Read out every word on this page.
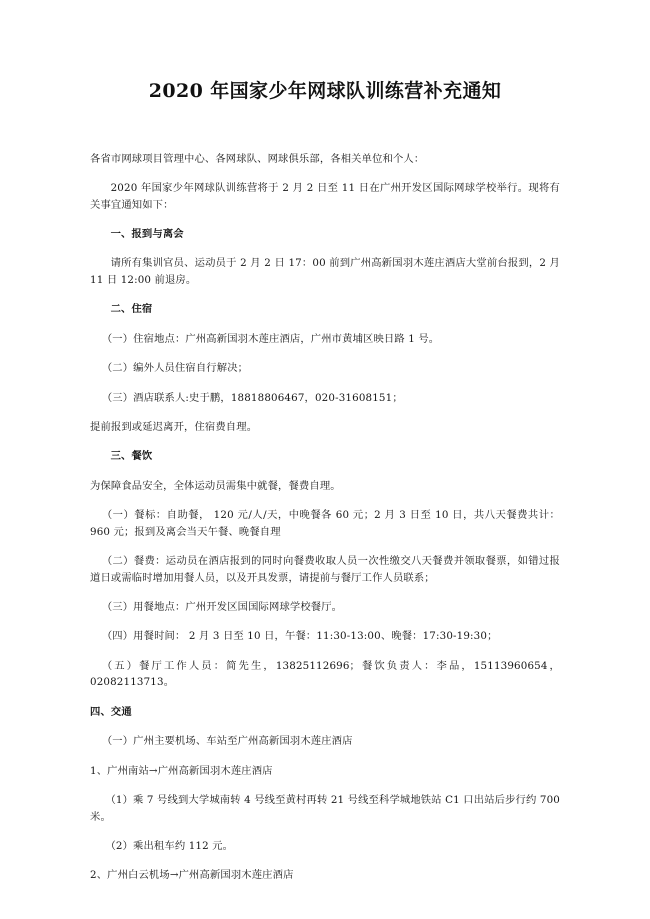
2020 年国家少年网球队训练营补充通知

各省市网球项目管理中心、各网球队、网球俱乐部，各相关单位和个人：

2020 年国家少年网球队训练营将于 2 月 2 日至 11 日在广州开发区国际网球学校举行。现将有关事宜通知如下：

一、报到与离会

请所有集训官员、运动员于 2 月 2 日 17：00 前到广州高新国羽木莲庄酒店大堂前台报到，2 月 11 日 12:00 前退房。

二、住宿

（一）住宿地点：广州高新国羽木莲庄酒店，广州市黄埔区映日路 1 号。

（二）编外人员住宿自行解决；

（三）酒店联系人:史于鹏，18818806467，020-31608151；

提前报到或延迟离开，住宿费自理。

三、餐饮

为保障食品安全，全体运动员需集中就餐，餐费自理。

（一）餐标：自助餐， 120 元/人/天，中晚餐各 60 元；2 月 3 日至 10 日，共八天餐费共计：960 元；报到及离会当天午餐、晚餐自理

（二）餐费：运动员在酒店报到的同时向餐费收取人员一次性缴交八天餐费并领取餐票，如错过报道日或需临时增加用餐人员，以及开具发票，请提前与餐厅工作人员联系；

（三）用餐地点：广州开发区国国际网球学校餐厅。

（四）用餐时间： 2 月 3 日至 10 日，午餐：11:30-13:00、晚餐：17:30-19:30；

（五）餐厅工作人员：简先生，13825112696；餐饮负责人：李品，15113960654，02082113713。

四、交通

（一）广州主要机场、车站至广州高新国羽木莲庄酒店

1、广州南站→广州高新国羽木莲庄酒店

（1）乘 7 号线到大学城南转 4 号线至黄村再转 21 号线至科学城地铁站 C1 口出站后步行约 700 米。

（2）乘出租车约 112 元。

2、广州白云机场→广州高新国羽木莲庄酒店
